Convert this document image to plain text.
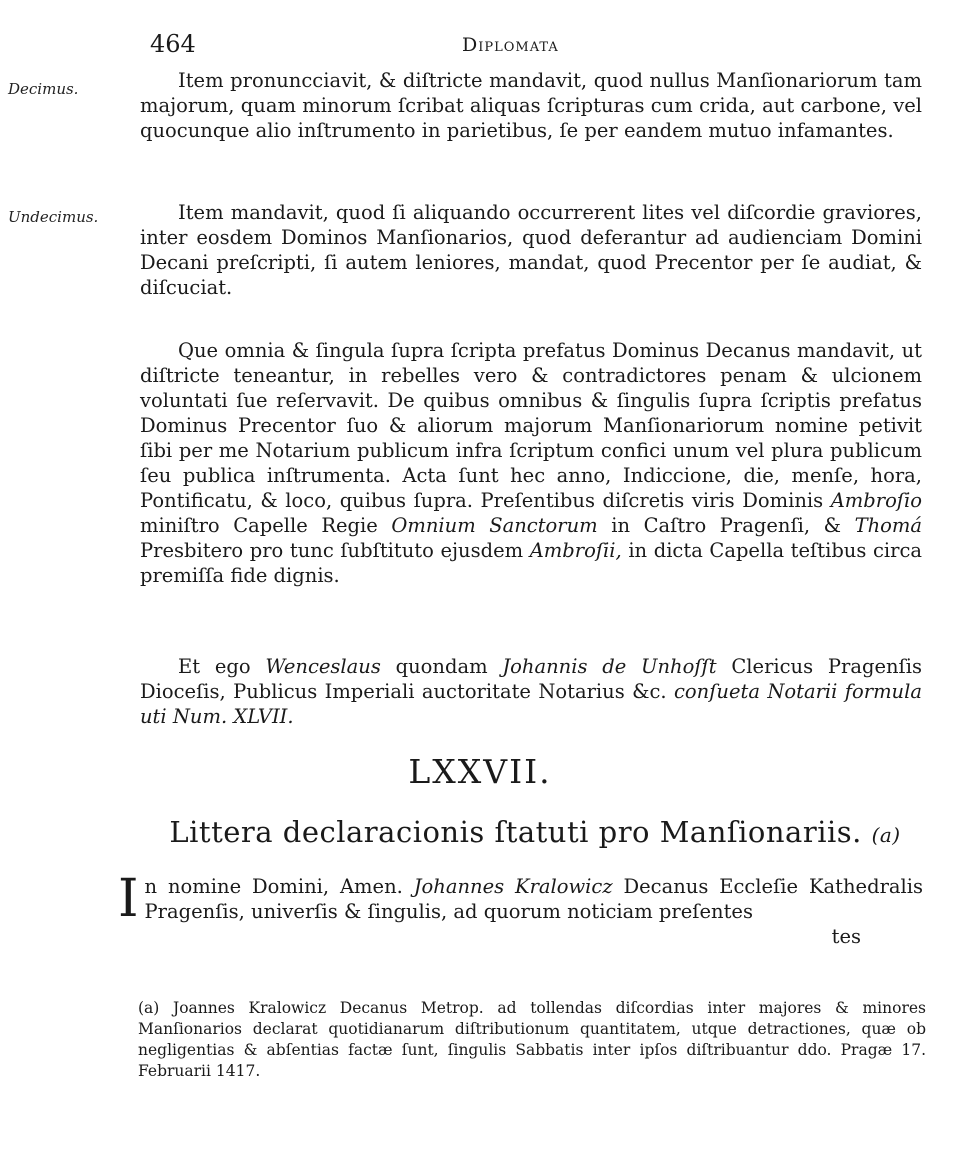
464	Diplomata
Decimus.
Undecimus.

Item pronuncciavit, & diſtricte mandavit, quod nullus Manſionariorum tam majorum, quam minorum ſcribat aliquas ſcripturas cum crida, aut carbone, vel quocunque alio inſtrumento in parietibus, ſe per eandem mutuo infamantes.

Item mandavit, quod ſi aliquando occurrerent lites vel diſcordie graviores, inter eosdem Dominos Manſionarios, quod deferantur ad audienciam Domini Decani preſcripti, ſi autem leniores, mandat, quod Precentor per ſe audiat, & diſcuciat.

Que omnia & ſingula ſupra ſcripta prefatus Dominus Decanus mandavit, ut diſtricte teneantur, in rebelles vero & contradictores penam & ulcionem voluntati ſue reſervavit. De quibus omnibus & ſingulis ſupra ſcriptis prefatus Dominus Precentor ſuo & aliorum majorum Manſionariorum nomine petivit ſibi per me Notarium publicum infra ſcriptum confici unum vel plura publicum ſeu publica inſtrumenta. Acta ſunt hec anno, Indiccione, die, menſe, hora, Pontificatu, & loco, quibus ſupra. Preſentibus diſcretis viris Dominis Ambroſio miniſtro Capelle Regie Omnium Sanctorum in Caſtro Pragenſi, & Thomá Presbitero pro tunc ſubſtituto ejusdem Ambroſii, in dicta Capella teſtibus circa premiſſa fide dignis.

Et ego Wenceslaus quondam Johannis de Unhoſſt Clericus Pragenſis Dioceſis, Publicus Imperiali auctoritate Notarius &c. conſueta Notarii formula uti Num. XLVII.

LXXVII.
Littera declaracionis ſtatuti pro Manſionariis. (a)

In nomine Domini, Amen. Johannes Kralowicz Decanus Eccleſie Kathedralis Pragenſis, univerſis & ſingulis, ad quorum noticiam preſentes
tes

(a) Joannes Kralowicz Decanus Metrop. ad tollendas diſcordias inter majores & minores Manſionarios declarat quotidianarum diſtributionum quantitatem, utque detractiones, quæ ob negligentias & abſentias factæ ſunt, ſingulis Sabbatis inter ipſos diſtribuantur ddo. Pragæ 17. Februarii 1417.
